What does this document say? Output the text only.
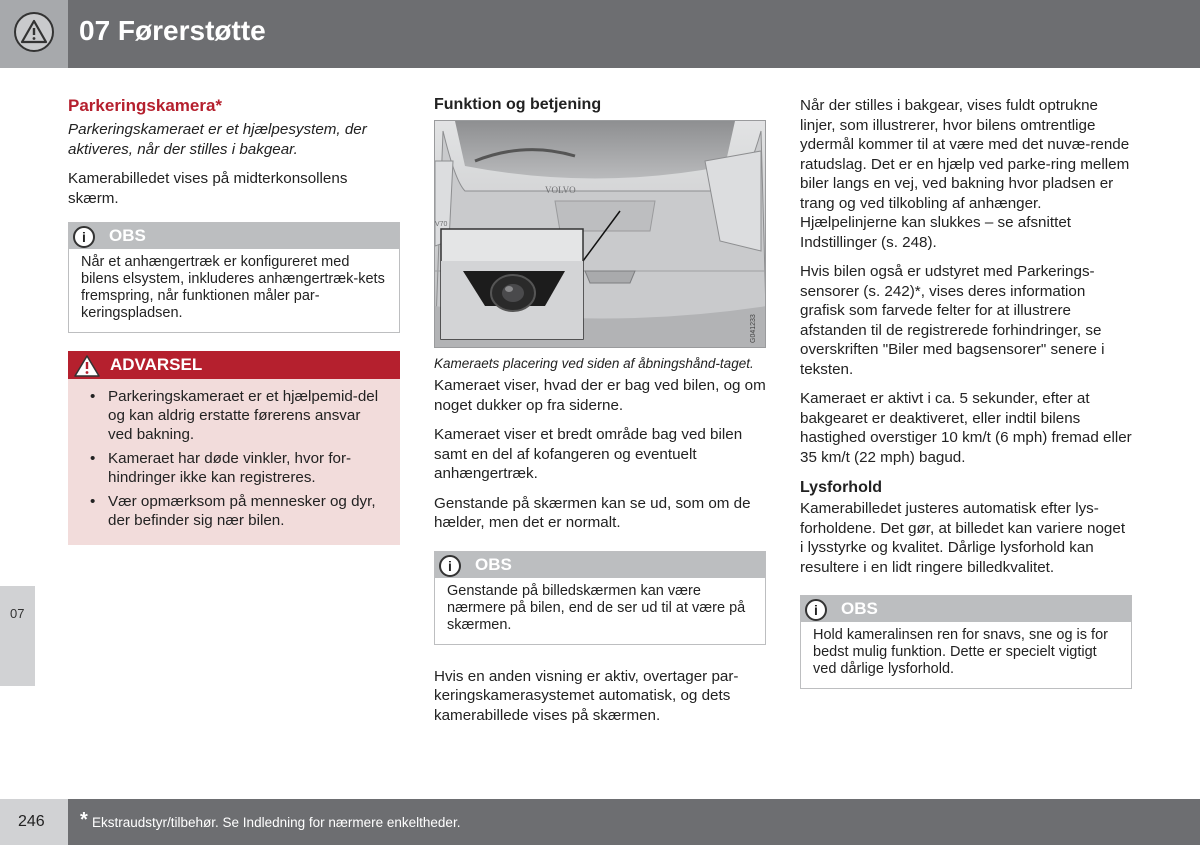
07 Førerstøtte
07
Parkeringskamera*

Parkeringskameraet er et hjælpesystem, der aktiveres, når der stilles i bakgear.

Kamerabilledet vises på midterkonsollens skærm.

i	OBS
Når et anhængertræk er konfigureret med bilens elsystem, inkluderes anhængertræk-kets fremspring, når funktionen måler par-keringspladsen.
ADVARSEL
• Parkeringskameraet er et hjælpemid-del og kan aldrig erstatte førerens ansvar ved bakning.
• Kameraet har døde vinkler, hvor for-hindringer ikke kan registreres.
• Vær opmærksom på mennesker og dyr, der befinder sig nær bilen.
Funktion og betjening
VOLVO
V70
G041233

Kameraets placering ved siden af åbningshånd-taget.

Kameraet viser, hvad der er bag ved bilen, og om noget dukker op fra siderne.

Kameraet viser et bredt område bag ved bilen samt en del af kofangeren og eventuelt anhængertræk.

Genstande på skærmen kan se ud, som om de hælder, men det er normalt.

i	OBS
Genstande på billedskærmen kan være nærmere på bilen, end de ser ud til at være på skærmen.

Hvis en anden visning er aktiv, overtager par-keringskamerasystemet automatisk, og dets kamerabillede vises på skærmen.

Når der stilles i bakgear, vises fuldt optrukne linjer, som illustrerer, hvor bilens omtrentlige ydermål kommer til at være med det nuvæ-rende ratudslag. Det er en hjælp ved parke-ring mellem biler langs en vej, ved bakning hvor pladsen er trang og ved tilkobling af anhænger. Hjælpelinjerne kan slukkes – se afsnittet Indstillinger (s. 248).

Hvis bilen også er udstyret med Parkerings-sensorer (s. 242)*, vises deres information grafisk som farvede felter for at illustrere afstanden til de registrerede forhindringer, se overskriften "Biler med bagsensorer" senere i teksten.

Kameraet er aktivt i ca. 5 sekunder, efter at bakgearet er deaktiveret, eller indtil bilens hastighed overstiger 10 km/t (6 mph) fremad eller 35 km/t (22 mph) bagud.

Lysforhold

Kamerabilledet justeres automatisk efter lys-forholdene. Det gør, at billedet kan variere noget i lysstyrke og kvalitet. Dårlige lysforhold kan resultere i en lidt ringere billedkvalitet.

i	OBS
Hold kameralinsen ren for snavs, sne og is for bedst mulig funktion. Dette er specielt vigtigt ved dårlige lysforhold.
246 * Ekstraudstyr/tilbehør. Se Indledning for nærmere enkeltheder.
